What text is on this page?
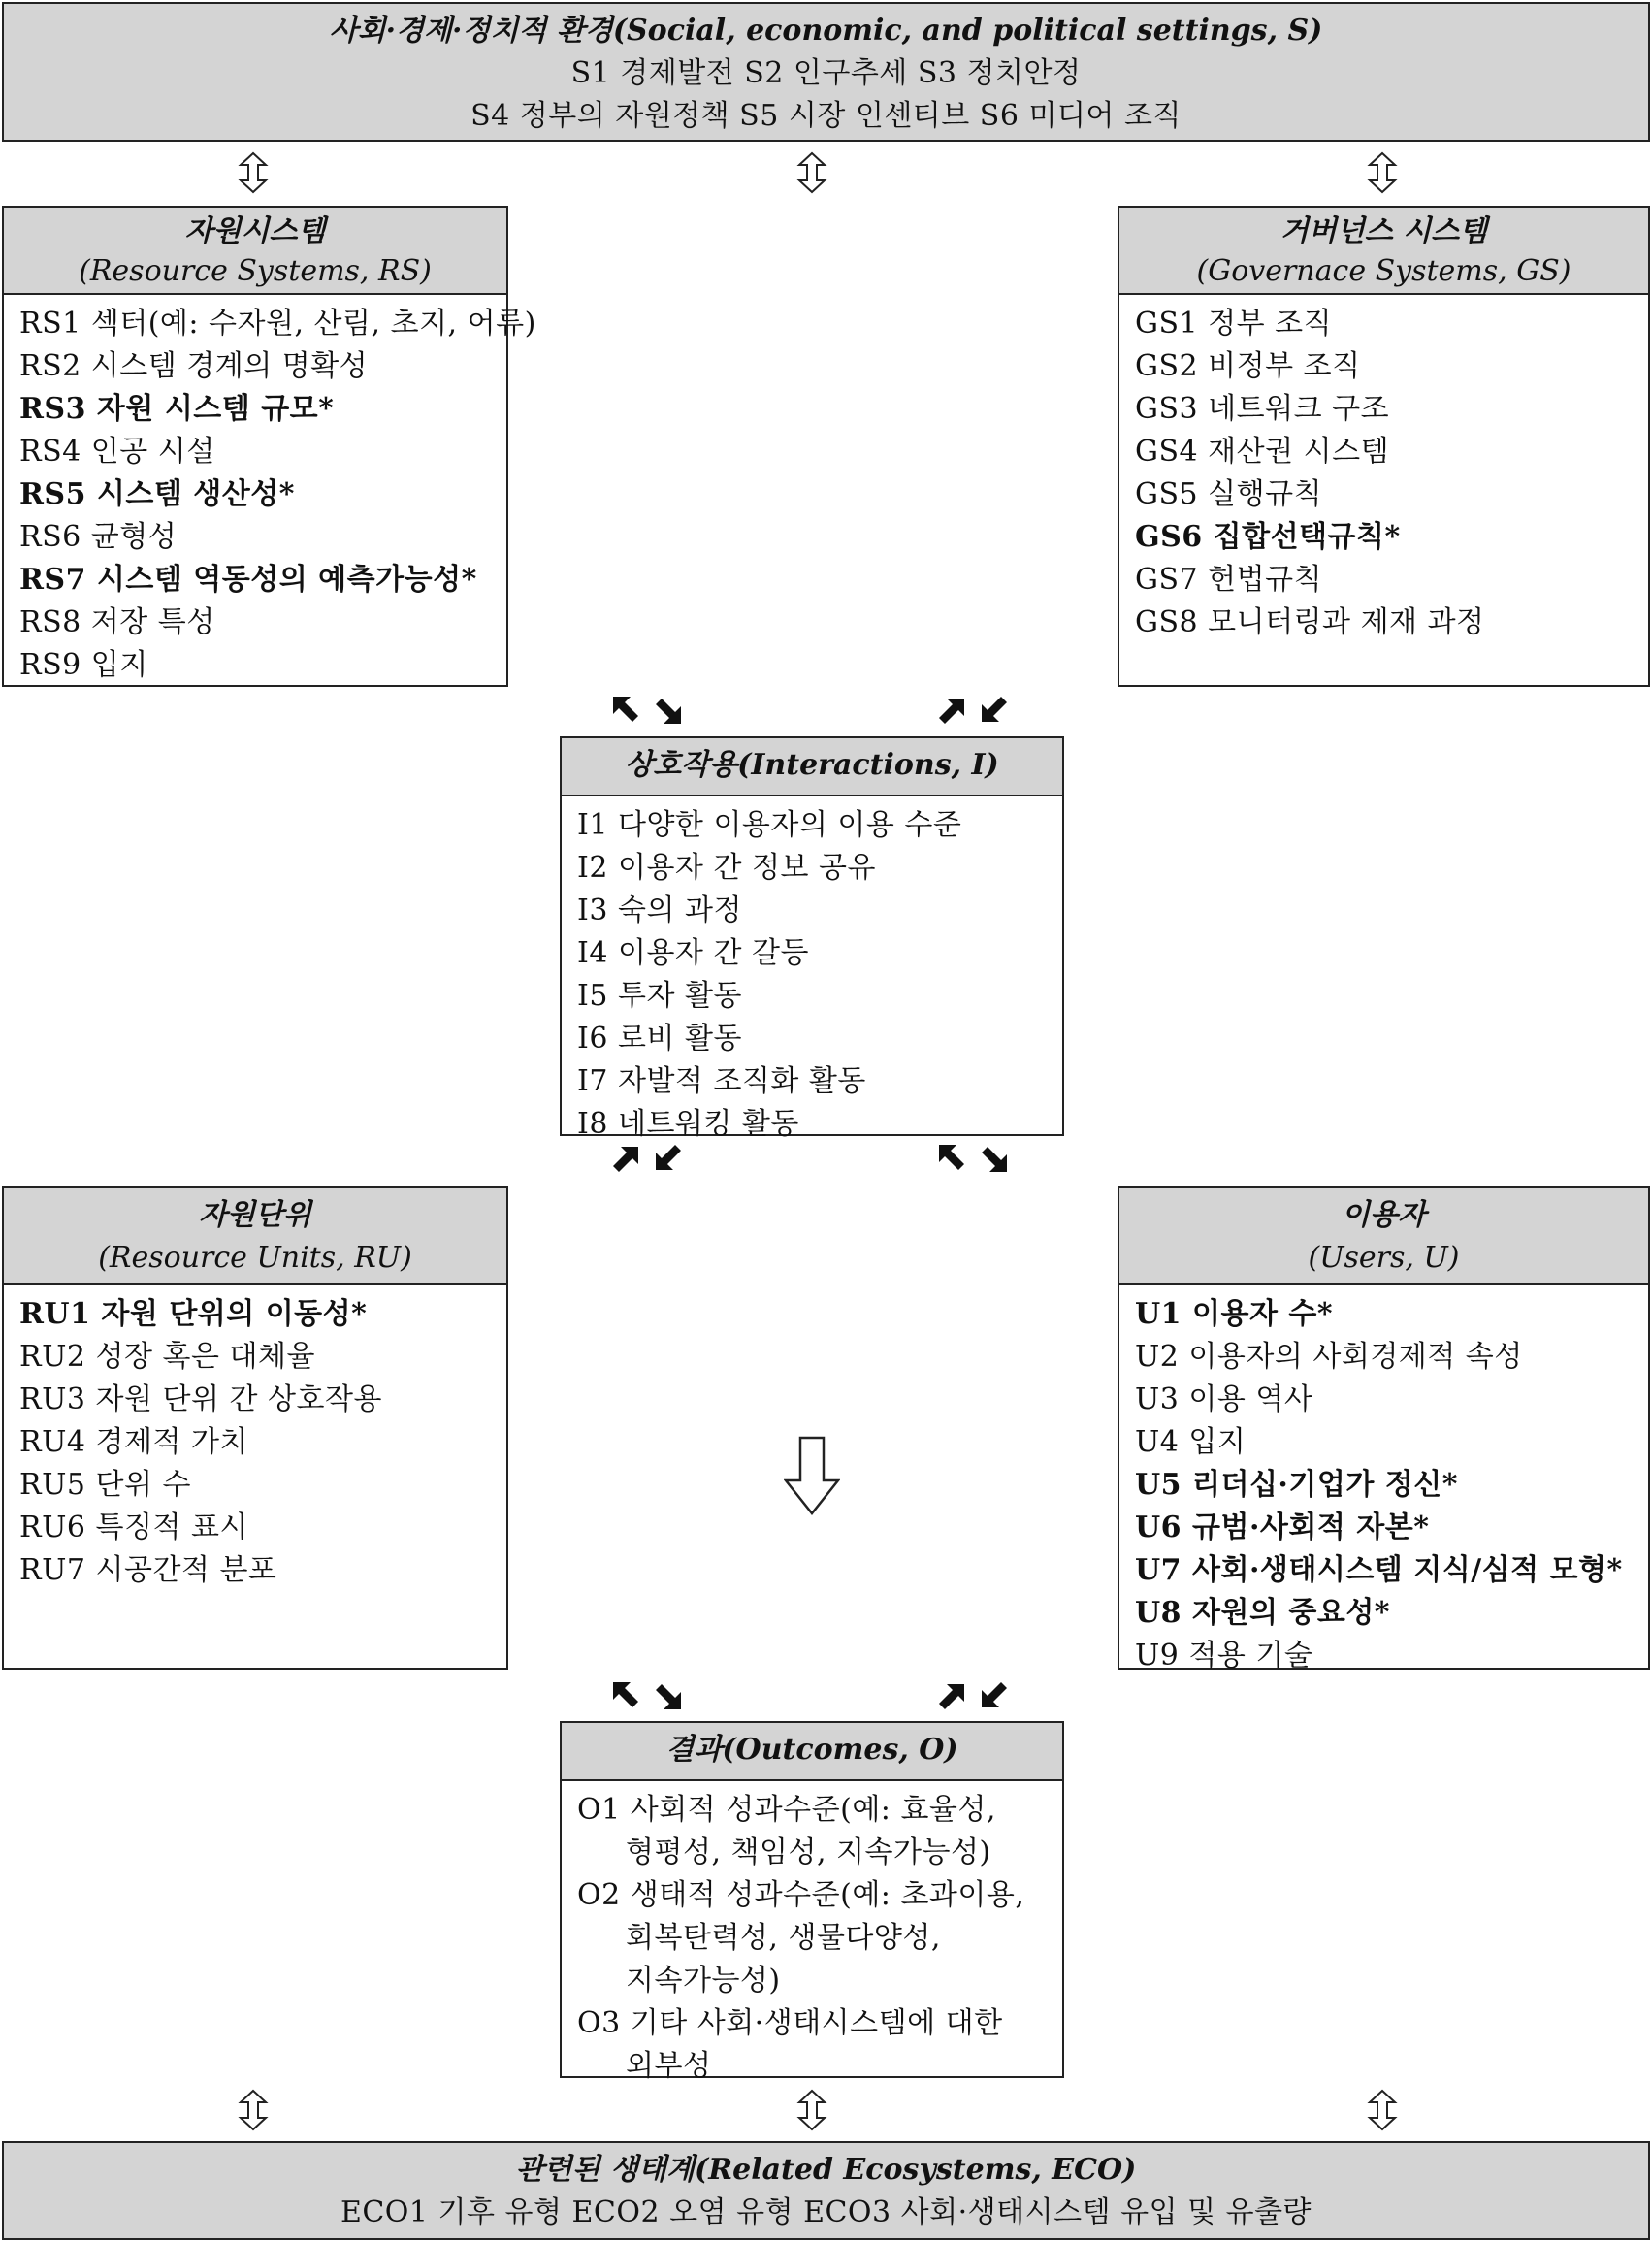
사회·경제·정치적 환경(Social, economic, and political settings, S)
S1 경제발전 S2 인구추세 S3 정치안정
S4 정부의 자원정책 S5 시장 인센티브 S6 미디어 조직
자원시스템
(Resource Systems, RS)
RS1 섹터(예: 수자원, 산림, 초지, 어류)
RS2 시스템 경계의 명확성
RS3 자원 시스템 규모*
RS4 인공 시설
RS5 시스템 생산성*
RS6 균형성
RS7 시스템 역동성의 예측가능성*
RS8 저장 특성
RS9 입지
거버넌스 시스템
(Governace Systems, GS)
GS1 정부 조직
GS2 비정부 조직
GS3 네트워크 구조
GS4 재산권 시스템
GS5 실행규칙
GS6 집합선택규칙*
GS7 헌법규칙
GS8 모니터링과 제재 과정
상호작용(Interactions, I)
I1 다양한 이용자의 이용 수준
I2 이용자 간 정보 공유
I3 숙의 과정
I4 이용자 간 갈등
I5 투자 활동
I6 로비 활동
I7 자발적 조직화 활동
I8 네트워킹 활동
자원단위
(Resource Units, RU)
RU1 자원 단위의 이동성*
RU2 성장 혹은 대체율
RU3 자원 단위 간 상호작용
RU4 경제적 가치
RU5 단위 수
RU6 특징적 표시
RU7 시공간적 분포
이용자
(Users, U)
U1 이용자 수*
U2 이용자의 사회경제적 속성
U3 이용 역사
U4 입지
U5 리더십·기업가 정신*
U6 규범·사회적 자본*
U7 사회·생태시스템 지식/심적 모형*
U8 자원의 중요성*
U9 적용 기술
결과(Outcomes, O)
O1 사회적 성과수준(예: 효율성,
형평성, 책임성, 지속가능성)
O2 생태적 성과수준(예: 초과이용,
회복탄력성, 생물다양성,
지속가능성)
O3 기타 사회·생태시스템에 대한
외부성
관련된 생태계(Related Ecosystems, ECO)
ECO1 기후 유형 ECO2 오염 유형 ECO3 사회·생태시스템 유입 및 유출량
